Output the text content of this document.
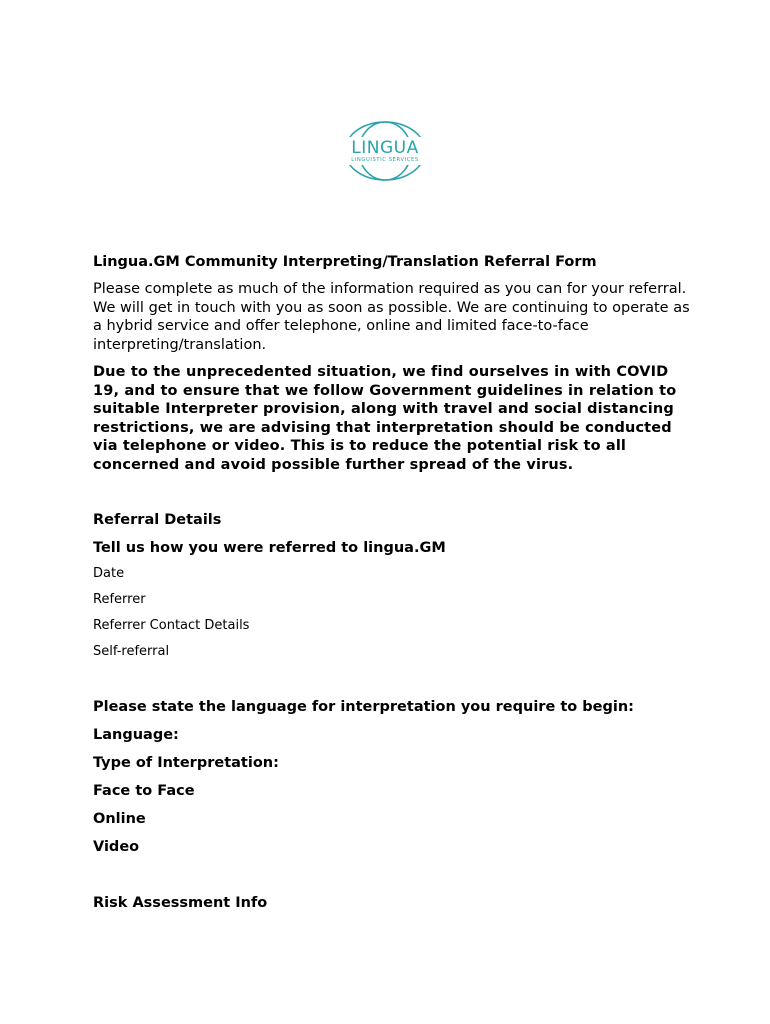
LINGUA
LINGUISTIC SERVICES

Lingua.GM Community Interpreting/Translation Referral Form

Please complete as much of the information required as you can for your referral. We will get in touch with you as soon as possible. We are continuing to operate as a hybrid service and offer telephone, online and limited face-to-face interpreting/translation.

Due to the unprecedented situation, we find ourselves in with COVID 19, and to ensure that we follow Government guidelines in relation to suitable Interpreter provision, along with travel and social distancing restrictions, we are advising that interpretation should be conducted via telephone or video. This is to reduce the potential risk to all concerned and avoid possible further spread of the virus.

Referral Details

Tell us how you were referred to lingua.GM

Date

Referrer

Referrer Contact Details

Self-referral

Please state the language for interpretation you require to begin:

Language:

Type of Interpretation:

Face to Face

Online

Video

Risk Assessment Info
